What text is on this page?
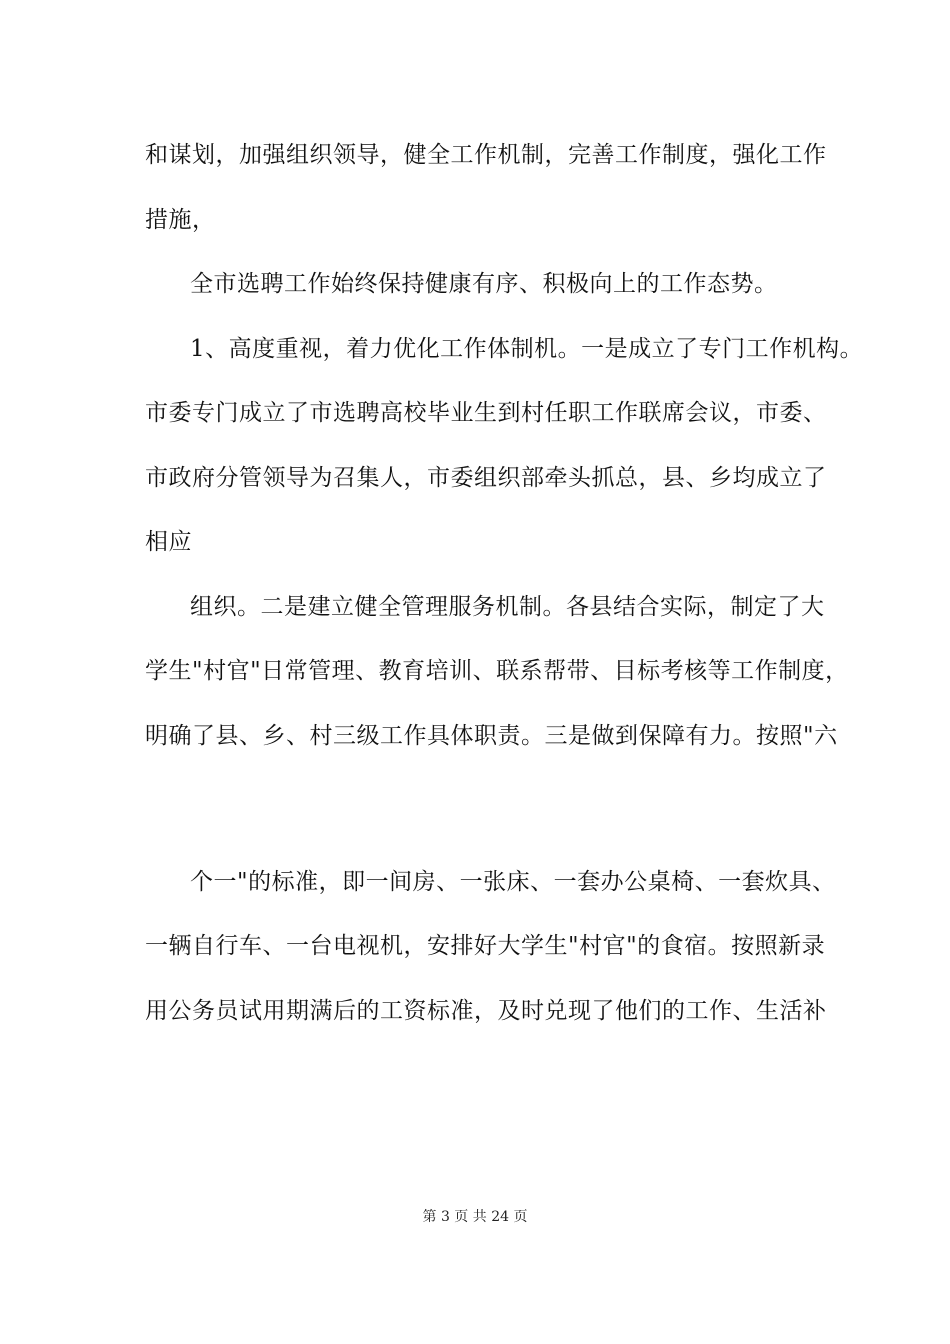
和谋划，加强组织领导，健全工作机制，完善工作制度，强化工作
措施，
全市选聘工作始终保持健康有序、积极向上的工作态势。
1、高度重视，着力优化工作体制机。一是成立了专门工作机构。
市委专门成立了市选聘高校毕业生到村任职工作联席会议，市委、
市政府分管领导为召集人，市委组织部牵头抓总，县、乡均成立了
相应
组织。二是建立健全管理服务机制。各县结合实际，制定了大
学生"村官"日常管理、教育培训、联系帮带、目标考核等工作制度，
明确了县、乡、村三级工作具体职责。三是做到保障有力。按照"六
个一"的标准，即一间房、一张床、一套办公桌椅、一套炊具、
一辆自行车、一台电视机，安排好大学生"村官"的食宿。按照新录
用公务员试用期满后的工资标准，及时兑现了他们的工作、生活补
第 3 页 共 24 页
